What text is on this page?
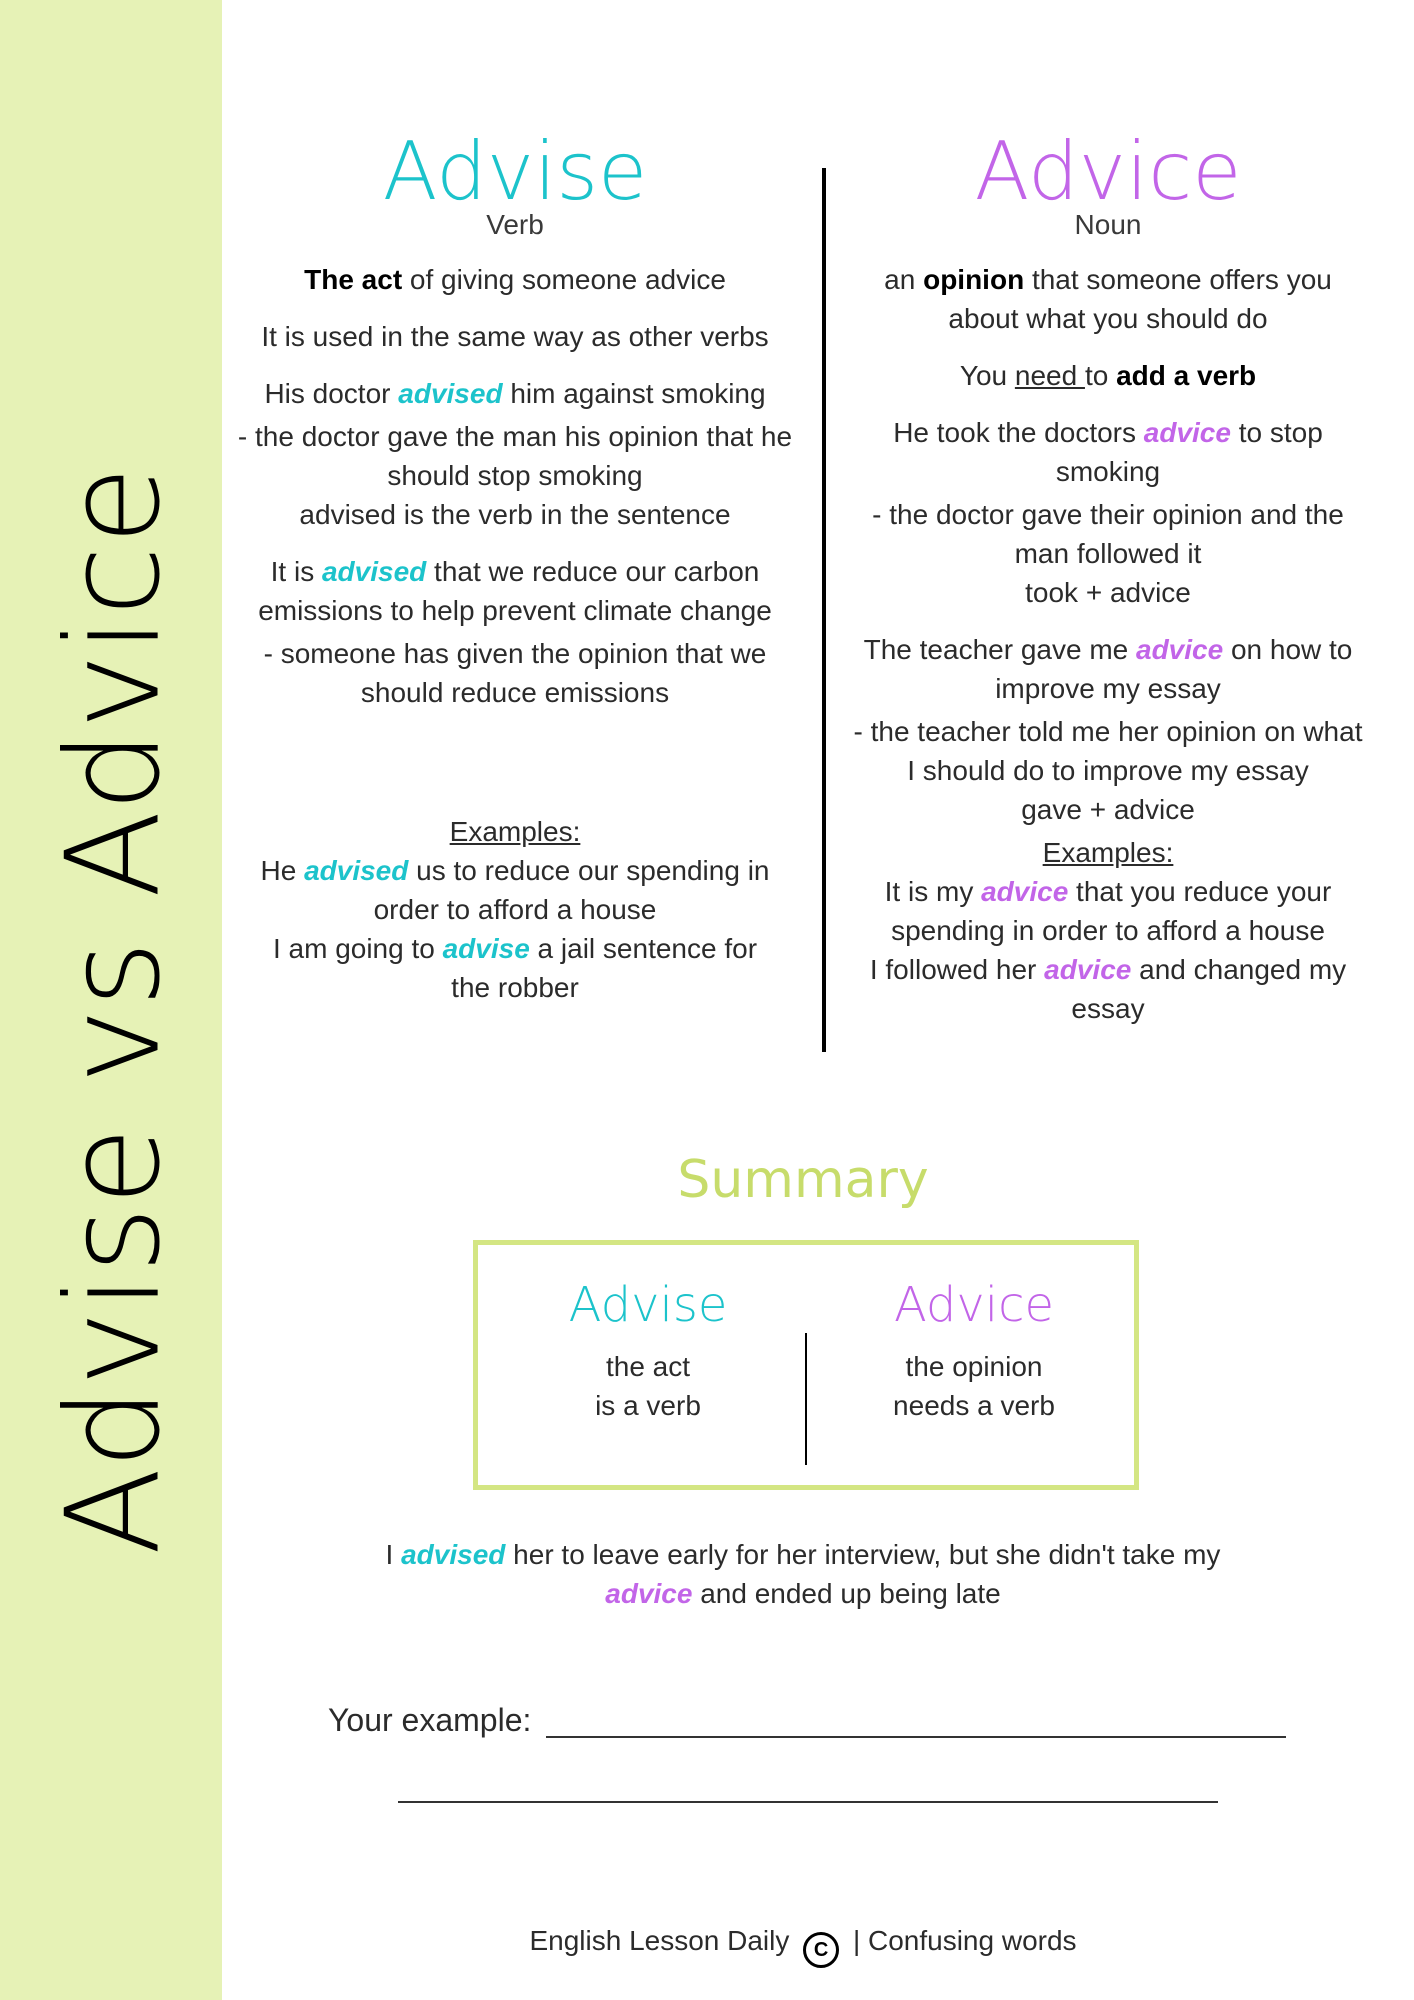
Advise vs Advice
Advise
Verb
The act of giving someone advice
It is used in the same way as other verbs
His doctor advised him against smoking
- the doctor gave the man his opinion that he
should stop smoking
advised is the verb in the sentence
It is advised that we reduce our carbon
emissions to help prevent climate change
- someone has given the opinion that we
should reduce emissions
Examples:
He advised us to reduce our spending in
order to afford a house
I am going to advise a jail sentence for
the robber
Advice
Noun
an opinion that someone offers you
about what you should do
You need to add a verb
He took the doctors advice to stop
smoking
- the doctor gave their opinion and the
man followed it
took + advice
The teacher gave me advice on how to
improve my essay
- the teacher told me her opinion on what
I should do to improve my essay
gave + advice
Examples:
It is my advice that you reduce your
spending in order to afford a house
I followed her advice and changed my
essay
Summary
Advise
the act
is a verb
Advice
the opinion
needs a verb
I advised her to leave early for her interview, but she didn't take my
advice and ended up being late
Your example:
English Lesson Daily C | Confusing words
